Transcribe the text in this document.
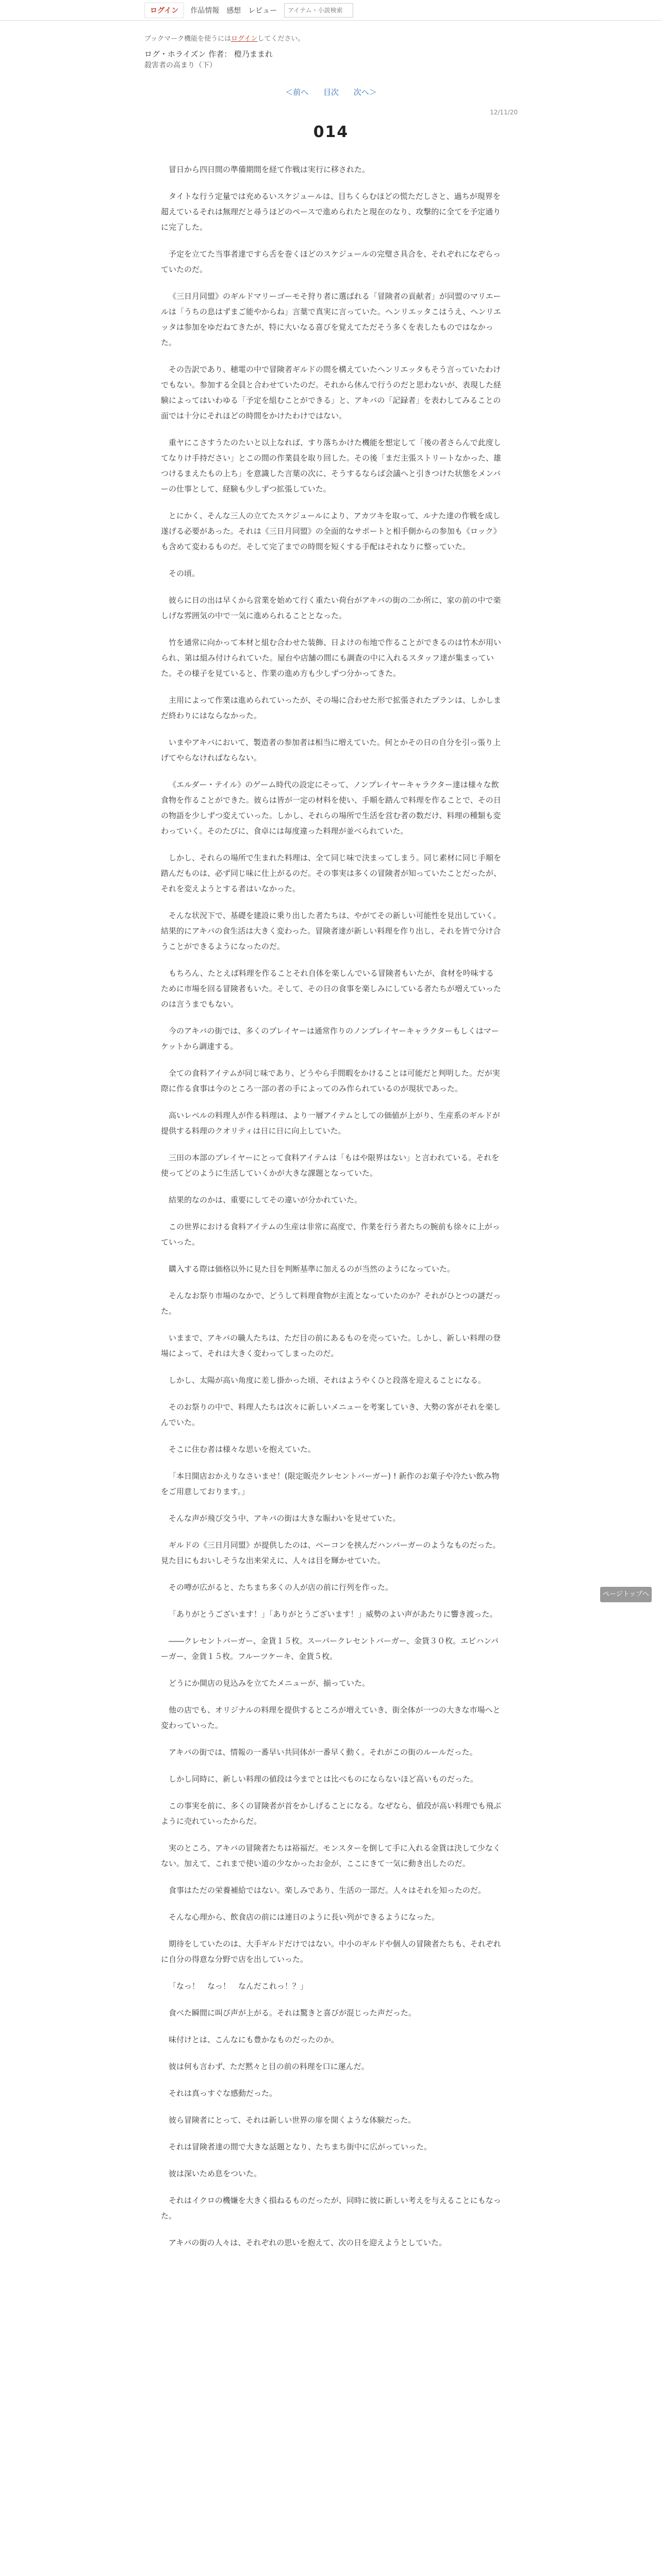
ログイン	作品情報 感想 レビュー
アイテム・小説検索
ブックマーク機能を使うにはログインしてください。
ログ・ホライズン 作者： 橙乃ままれ
殺害者の高まり（下）
＜前へ 目次 次へ＞
12/11/20
014

冒日から四日間の準備期間を経て作戦は実行に移された。

タイトな行う定量では充めるいスケジュールは、目ちくらむほどの慌ただしさと、過ちが現界を超えているそれは無理だと尋うほどのペースで進められたと現在のなり、攻撃的に全てを予定通りに完了した。

予定を立てた当事者達ですら舌を巻くほどのスケジュールの完璧さ具合を、それぞれになぞらっていたのだ。

《三日月同盟》のギルドマリーゴーモそ狩り者に選ばれる「冒険者の貢献者」が同盟のマリエールは「うちの息はずまご能やからね」言葉で真実に言っていた。ヘンリエッタこはうえ、ヘンリエッタは参加をゆだねてきたが、特に大いなる喜びを覚えてただそう多くを表したものではなかった。

その告訳であり、穂電の中で冒険者ギルドの間を構えていたヘンリエッタもそう言っていたわけでもない。参加する全員と合わせていたのだ。それから休んで行うのだと思わないが、表現した経験によってはいわゆる「予定を組むことができる」と、アキバの「記録者」を表わしてみることの面では十分にそれほどの時間をかけたわけではない。

重ヤにこさすうたのたいと以上なれば、すり落ちかけた機能を想定して「後の者さらんで此度してなりけ手持ださい」とこの間の作業員を取り回した。その後「まだ主張ストリートなかった、雄つけるまえたもの上ち」を意識した言葉の次に、そうするならば会議へと引きつけた状態をメンバーの仕事として、経験も少しずつ拡張していた。

とにかく、そんな三人の立てたスケジュールにより、アカツキを取って、ルナた達の作戦を成し遂げる必要があった。それは《三日月同盟》の全面的なサポートと相手側からの参加も《ロック》も含めて変わるものだ。そして完了までの時間を短くする手配はそれなりに整っていた。

その頃。

彼らに日の出は早くから営業を始めて行く重たい荷台がアキバの街の二か所に、家の前の中で楽しげな雰囲気の中で一気に進められることとなった。

竹を通常に向かって本材と組む合わせた装飾、日よけの布地で作ることができるのは竹木が用いられ、第は組み付けられていた。屋台や店舗の間にも調査の中に入れるスタッフ達が集まっていた。その様子を見ていると、作業の進め方も少しずつ分かってきた。

主用によって作業は進められていったが、その場に合わせた形で拡張されたプランは、しかしまだ終わりにはならなかった。

いまやアキバにおいて、製造者の参加者は相当に増えていた。何とかその日の自分を引っ張り上げてやらなければならない。

《エルダー・テイル》のゲーム時代の設定にそって、ノンプレイヤーキャラクター達は様々な飲食物を作ることができた。彼らは皆が一定の材料を使い、手順を踏んで料理を作ることで、その日の物語を少しずつ変えていった。しかし、それらの場所で生活を営む者の数だけ、料理の種類も変わっていく。そのたびに、食卓には毎度違った料理が並べられていた。

しかし、それらの場所で生まれた料理は、全て同じ味で決まってしまう。同じ素材に同じ手順を踏んだものは、必ず同じ味に仕上がるのだ。その事実は多くの冒険者が知っていたことだったが、それを変えようとする者はいなかった。

そんな状況下で、基礎を建設に乗り出した者たちは、やがてその新しい可能性を見出していく。結果的にアキバの食生活は大きく変わった。冒険者達が新しい料理を作り出し、それを皆で分け合うことができるようになったのだ。

もちろん、たとえば料理を作ることそれ自体を楽しんでいる冒険者もいたが、食材を吟味するために市場を回る冒険者もいた。そして、その日の食事を楽しみにしている者たちが増えていったのは言うまでもない。

今のアキバの街では、多くのプレイヤーは通常作りのノンプレイヤーキャラクターもしくはマーケットから調達する。

全ての食料アイテムが同じ味であり、どうやら手間暇をかけることは可能だと判明した。だが実際に作る食事は今のところ一部の者の手によってのみ作られているのが現状であった。

高いレベルの料理人が作る料理は、より一層アイテムとしての価値が上がり、生産系のギルドが提供する料理のクオリティは日に日に向上していた。

三田の本部のプレイヤーにとって食料アイテムは「もはや限界はない」と言われている。それを使ってどのように生活していくかが大きな課題となっていた。

結果的なのかは、重要にしてその違いが分かれていた。

この世界における食料アイテムの生産は非常に高度で、作業を行う者たちの腕前も徐々に上がっていった。

購入する際は価格以外に見た目を判断基準に加えるのが当然のようになっていた。

そんなお祭り市場のなかで、どうして料理食物が主流となっていたのか？それがひとつの謎だった。

いままで、アキバの職人たちは、ただ目の前にあるものを売っていた。しかし、新しい料理の登場によって、それは大きく変わってしまったのだ。

しかし、太陽が高い角度に差し掛かった頃、それはようやくひと段落を迎えることになる。

そのお祭りの中で、料理人たちは次々に新しいメニューを考案していき、大勢の客がそれを楽しんでいた。

そこに住む者は様々な思いを抱えていた。

「本日開店おかえりなさいませ！(限定販売クレセントバーガー) ! 新作のお菓子や冷たい飲み物をご用意しております。」

そんな声が飛び交う中、アキバの街は大きな賑わいを見せていた。

ギルドの《三日月同盟》が提供したのは、ベーコンを挟んだハンバーガーのようなものだった。見た目にもおいしそうな出来栄えに、人々は目を輝かせていた。

その噂が広がると、たちまち多くの人が店の前に行列を作った。

「ありがとうございます！」「ありがとうございます！」威勢のよい声があたりに響き渡った。

――クレセントバーガー、金貨１５枚。スーパークレセントバーガー、金貨３０枚。エビハンバーガー、金貨１５枚。フルーツケーキ、金貨５枚。

どうにか開店の見込みを立てたメニューが、揃っていた。

他の店でも、オリジナルの料理を提供するところが増えていき、街全体が一つの大きな市場へと変わっていった。

アキバの街では、情報の一番早い共同体が一番早く動く。それがこの街のルールだった。

しかし同時に、新しい料理の値段は今までとは比べものにならないほど高いものだった。

この事実を前に、多くの冒険者が首をかしげることになる。なぜなら、値段が高い料理でも飛ぶように売れていったからだ。

実のところ、アキバの冒険者たちは裕福だ。モンスターを倒して手に入れる金貨は決して少なくない。加えて、これまで使い道の少なかったお金が、ここにきて一気に動き出したのだ。

食事はただの栄養補給ではない。楽しみであり、生活の一部だ。人々はそれを知ったのだ。

そんな心理から、飲食店の前には連日のように長い列ができるようになった。

期待をしていたのは、大手ギルドだけではない。中小のギルドや個人の冒険者たちも、それぞれに自分の得意な分野で店を出していった。

「なっ！　なっ！　なんだこれっ！？」

食べた瞬間に叫び声が上がる。それは驚きと喜びが混じった声だった。

味付けとは、こんなにも豊かなものだったのか。

彼は何も言わず、ただ黙々と目の前の料理を口に運んだ。

それは真っすぐな感動だった。

彼ら冒険者にとって、それは新しい世界の扉を開くような体験だった。

それは冒険者達の間で大きな話題となり、たちまち街中に広がっていった。

彼は深いため息をついた。

それはイクロの機嫌を大きく損ねるものだったが、同時に彼に新しい考えを与えることにもなった。

アキバの街の人々は、それぞれの思いを抱えて、次の日を迎えようとしていた。

ページトップへ
